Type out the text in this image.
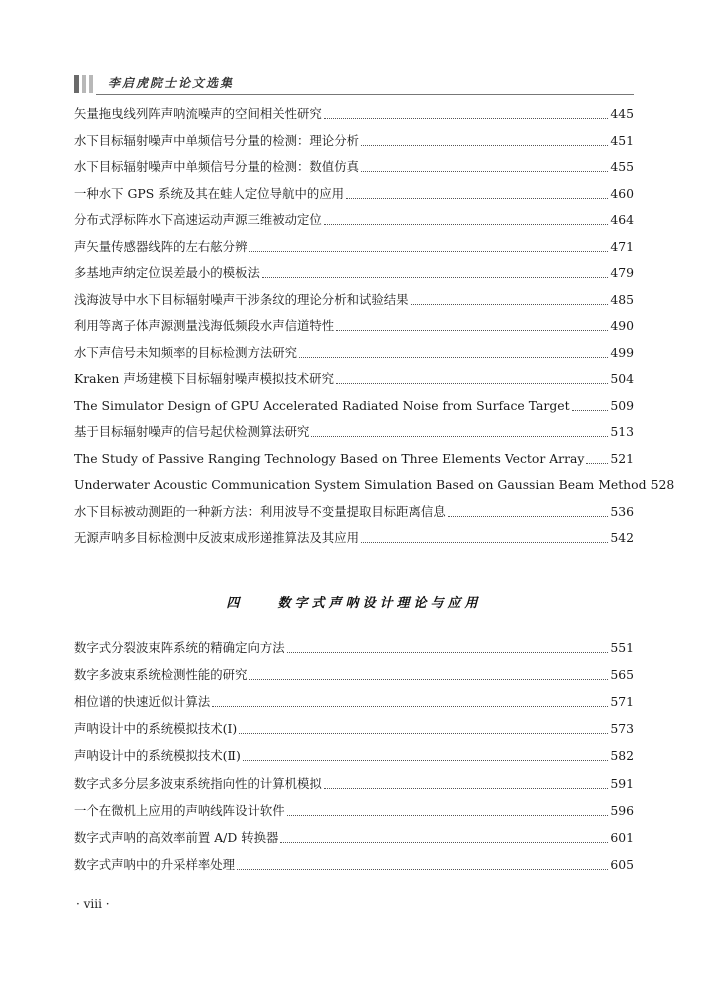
李启虎院士论文选集
矢量拖曳线列阵声呐流噪声的空间相关性研究	445
水下目标辐射噪声中单频信号分量的检测：理论分析	451
水下目标辐射噪声中单频信号分量的检测：数值仿真	455
一种水下 GPS 系统及其在蛙人定位导航中的应用	460
分布式浮标阵水下高速运动声源三维被动定位	464
声矢量传感器线阵的左右舷分辨	471
多基地声纳定位误差最小的模板法	479
浅海波导中水下目标辐射噪声干涉条纹的理论分析和试验结果	485
利用等离子体声源测量浅海低频段水声信道特性	490
水下声信号未知频率的目标检测方法研究	499
Kraken 声场建模下目标辐射噪声模拟技术研究	504
The Simulator Design of GPU Accelerated Radiated Noise from Surface Target	509
基于目标辐射噪声的信号起伏检测算法研究	513
The Study of Passive Ranging Technology Based on Three Elements Vector Array 521
Underwater Acoustic Communication System Simulation Based on Gaussian Beam Method 528
水下目标被动测距的一种新方法：利用波导不变量提取目标距离信息	536
无源声呐多目标检测中反波束成形递推算法及其应用	542
四	数字式声呐设计理论与应用
数字式分裂波束阵系统的精确定向方法	551
数字多波束系统检测性能的研究	565
相位谱的快速近似计算法	571
声呐设计中的系统模拟技术(Ⅰ)	573
声呐设计中的系统模拟技术(Ⅱ)	582
数字式多分层多波束系统指向性的计算机模拟	591
一个在微机上应用的声呐线阵设计软件	596
数字式声呐的高效率前置 A/D 转换器	601
数字式声呐中的升采样率处理	605
· viii ·
